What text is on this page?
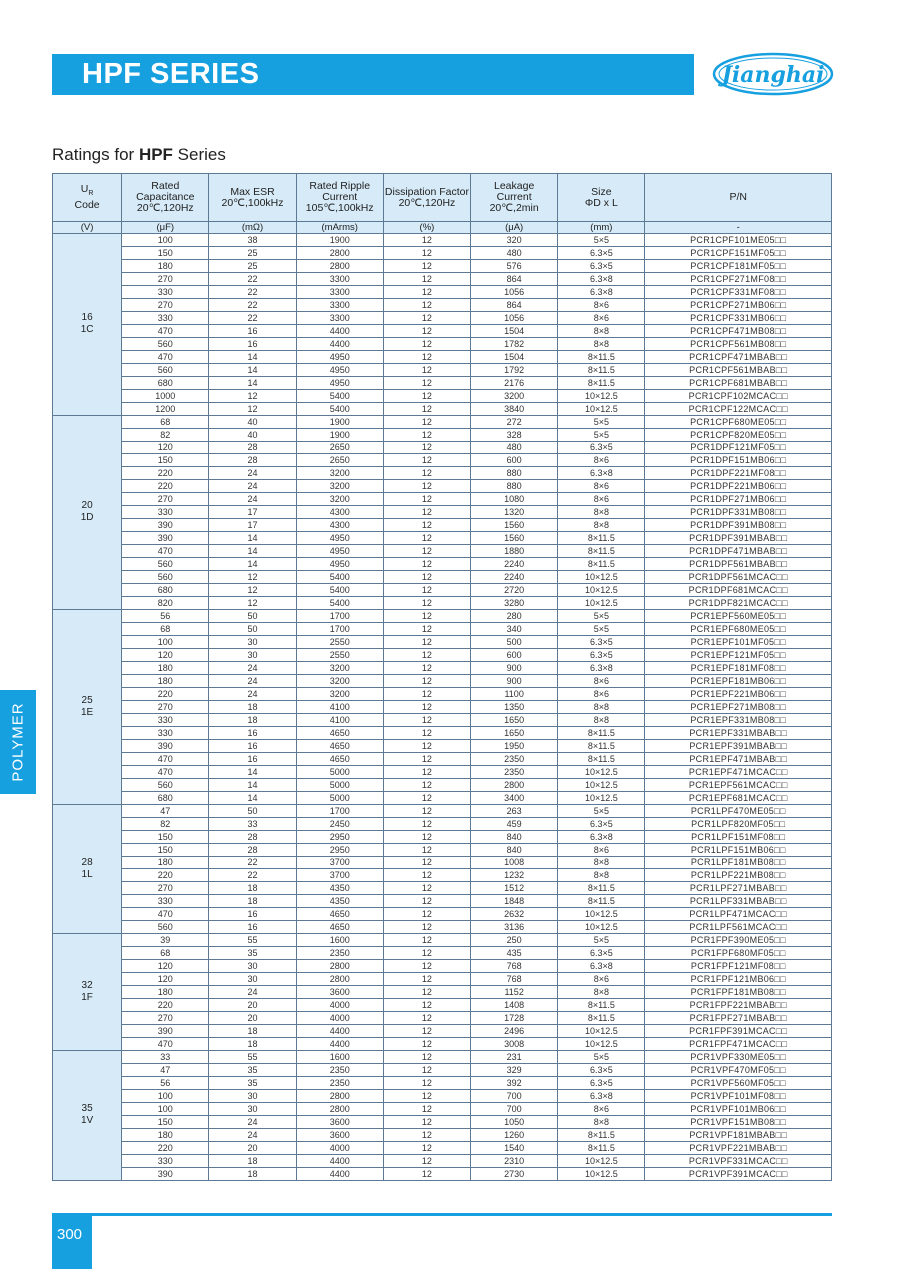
HPF SERIES	Jianghai
Ratings for HPF Series
POLYMER
$U_R$
Code	Rated
Capacitance
20℃,120Hz	Max ESR
20℃,100kHz	Rated Ripple
Current
105℃,100kHz	Dissipation Factor
20℃,120Hz	Leakage
Current
20℃,2min	Size
ΦD x L	P/N
(V)	(μF)	(mΩ)	(mArms)	(%)	(μA)	(mm)	-

16
1C	100	38	1900	12	320	5×5	PCR1CPF101ME05□□
	150	25	2800	12	480	6.3×5	PCR1CPF151MF05□□
	180	25	2800	12	576	6.3×5	PCR1CPF181MF05□□
	270	22	3300	12	864	6.3×8	PCR1CPF271MF08□□
	330	22	3300	12	1056	6.3×8	PCR1CPF331MF08□□
	270	22	3300	12	864	8×6	PCR1CPF271MB06□□
	330	22	3300	12	1056	8×6	PCR1CPF331MB06□□
	470	16	4400	12	1504	8×8	PCR1CPF471MB08□□
	560	16	4400	12	1782	8×8	PCR1CPF561MB08□□
	470	14	4950	12	1504	8×11.5	PCR1CPF471MBAB□□
	560	14	4950	12	1792	8×11.5	PCR1CPF561MBAB□□
	680	14	4950	12	2176	8×11.5	PCR1CPF681MBAB□□
	1000	12	5400	12	3200	10×12.5	PCR1CPF102MCAC□□
	1200	12	5400	12	3840	10×12.5	PCR1CPF122MCAC□□

20
1D	68	40	1900	12	272	5×5	PCR1CPF680ME05□□
	82	40	1900	12	328	5×5	PCR1CPF820ME05□□
	120	28	2650	12	480	6.3×5	PCR1DPF121MF05□□
	150	28	2650	12	600	8×6	PCR1DPF151MB06□□
	220	24	3200	12	880	6.3×8	PCR1DPF221MF08□□
	220	24	3200	12	880	8×6	PCR1DPF221MB06□□
	270	24	3200	12	1080	8×6	PCR1DPF271MB06□□
	330	17	4300	12	1320	8×8	PCR1DPF331MB08□□
	390	17	4300	12	1560	8×8	PCR1DPF391MB08□□
	390	14	4950	12	1560	8×11.5	PCR1DPF391MBAB□□
	470	14	4950	12	1880	8×11.5	PCR1DPF471MBAB□□
	560	14	4950	12	2240	8×11.5	PCR1DPF561MBAB□□
	560	12	5400	12	2240	10×12.5	PCR1DPF561MCAC□□
	680	12	5400	12	2720	10×12.5	PCR1DPF681MCAC□□
	820	12	5400	12	3280	10×12.5	PCR1DPF821MCAC□□

25
1E	56	50	1700	12	280	5×5	PCR1EPF560ME05□□
	68	50	1700	12	340	5×5	PCR1EPF680ME05□□
	100	30	2550	12	500	6.3×5	PCR1EPF101MF05□□
	120	30	2550	12	600	6.3×5	PCR1EPF121MF05□□
	180	24	3200	12	900	6.3×8	PCR1EPF181MF08□□
	180	24	3200	12	900	8×6	PCR1EPF181MB06□□
	220	24	3200	12	1100	8×6	PCR1EPF221MB06□□
	270	18	4100	12	1350	8×8	PCR1EPF271MB08□□
	330	18	4100	12	1650	8×8	PCR1EPF331MB08□□
	330	16	4650	12	1650	8×11.5	PCR1EPF331MBAB□□
	390	16	4650	12	1950	8×11.5	PCR1EPF391MBAB□□
	470	16	4650	12	2350	8×11.5	PCR1EPF471MBAB□□
	470	14	5000	12	2350	10×12.5	PCR1EPF471MCAC□□
	560	14	5000	12	2800	10×12.5	PCR1EPF561MCAC□□
	680	14	5000	12	3400	10×12.5	PCR1EPF681MCAC□□

28
1L	47	50	1700	12	263	5×5	PCR1LPF470ME05□□
	82	33	2450	12	459	6.3×5	PCR1LPF820MF05□□
	150	28	2950	12	840	6.3×8	PCR1LPF151MF08□□
	150	28	2950	12	840	8×6	PCR1LPF151MB06□□
	180	22	3700	12	1008	8×8	PCR1LPF181MB08□□
	220	22	3700	12	1232	8×8	PCR1LPF221MB08□□
	270	18	4350	12	1512	8×11.5	PCR1LPF271MBAB□□
	330	18	4350	12	1848	8×11.5	PCR1LPF331MBAB□□
	470	16	4650	12	2632	10×12.5	PCR1LPF471MCAC□□
	560	16	4650	12	3136	10×12.5	PCR1LPF561MCAC□□

32
1F	39	55	1600	12	250	5×5	PCR1FPF390ME05□□
	68	35	2350	12	435	6.3×5	PCR1FPF680MF05□□
	120	30	2800	12	768	6.3×8	PCR1FPF121MF08□□
	120	30	2800	12	768	8×6	PCR1FPF121MB06□□
	180	24	3600	12	1152	8×8	PCR1FPF181MB08□□
	220	20	4000	12	1408	8×11.5	PCR1FPF221MBAB□□
	270	20	4000	12	1728	8×11.5	PCR1FPF271MBAB□□
	390	18	4400	12	2496	10×12.5	PCR1FPF391MCAC□□
	470	18	4400	12	3008	10×12.5	PCR1FPF471MCAC□□

35
1V	33	55	1600	12	231	5×5	PCR1VPF330ME05□□
	47	35	2350	12	329	6.3×5	PCR1VPF470MF05□□
	56	35	2350	12	392	6.3×5	PCR1VPF560MF05□□
	100	30	2800	12	700	6.3×8	PCR1VPF101MF08□□
	100	30	2800	12	700	8×6	PCR1VPF101MB06□□
	150	24	3600	12	1050	8×8	PCR1VPF151MB08□□
	180	24	3600	12	1260	8×11.5	PCR1VPF181MBAB□□
	220	20	4000	12	1540	8×11.5	PCR1VPF221MBAB□□
	330	18	4400	12	2310	10×12.5	PCR1VPF331MCAC□□
	390	18	4400	12	2730	10×12.5	PCR1VPF391MCAC□□
300
